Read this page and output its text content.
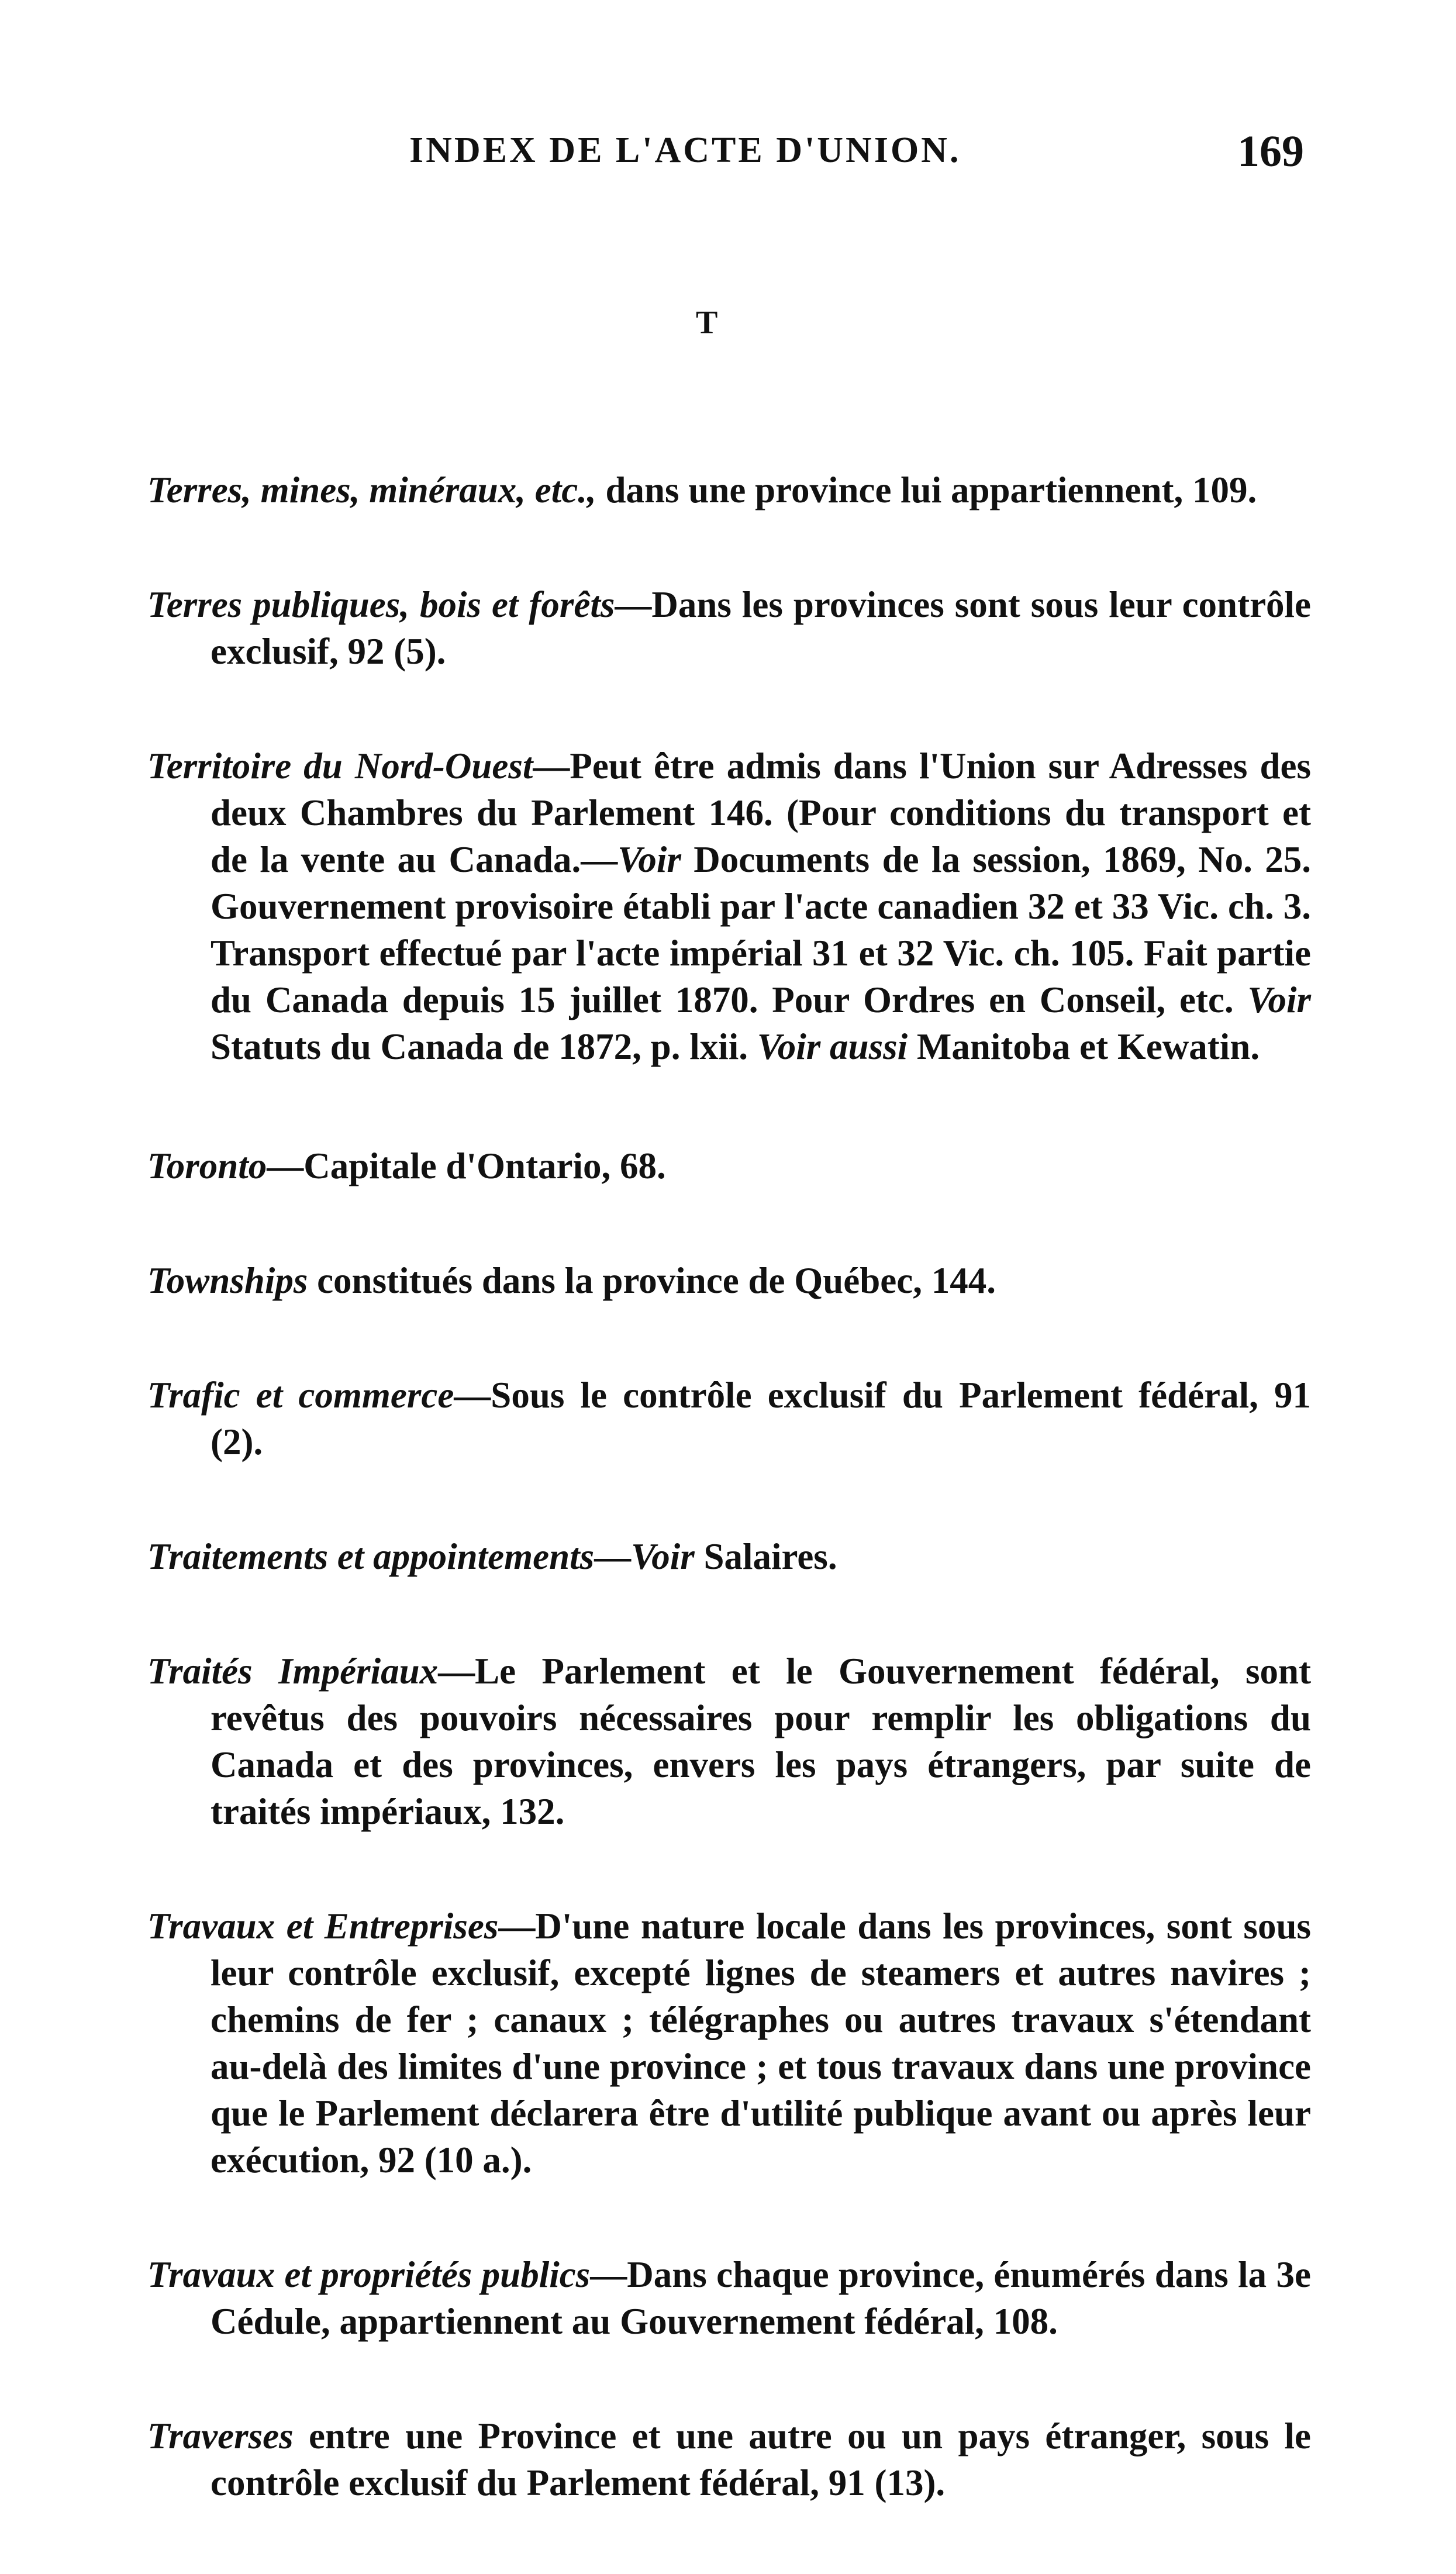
INDEX DE L'ACTE D'UNION.	169
T

Terres, mines, minéraux, etc., dans une province lui appartiennent, 109.

Terres publiques, bois et forêts—Dans les provinces sont sous leur contrôle exclusif, 92 (5).

Territoire du Nord-Ouest—Peut être admis dans l'Union sur Adresses des deux Chambres du Parlement 146. (Pour conditions du transport et de la vente au Canada.—Voir Documents de la session, 1869, No. 25. Gouvernement provisoire établi par l'acte canadien 32 et 33 Vic. ch. 3. Transport effectué par l'acte impérial 31 et 32 Vic. ch. 105. Fait partie du Canada depuis 15 juillet 1870. Pour Ordres en Conseil, etc. Voir Statuts du Canada de 1872, p. lxii. Voir aussi Manitoba et Kewatin.

Toronto—Capitale d'Ontario, 68.

Townships constitués dans la province de Québec, 144.

Trafic et commerce—Sous le contrôle exclusif du Parlement fédéral, 91 (2).

Traitements et appointements—Voir Salaires.

Traités Impériaux—Le Parlement et le Gouvernement fédéral, sont revêtus des pouvoirs nécessaires pour remplir les obligations du Canada et des provinces, envers les pays étrangers, par suite de traités impériaux, 132.

Travaux et Entreprises—D'une nature locale dans les provinces, sont sous leur contrôle exclusif, excepté lignes de steamers et autres navires ; chemins de fer ; canaux ; télégraphes ou autres travaux s'étendant au-delà des limites d'une province ; et tous travaux dans une province que le Parlement déclarera être d'utilité publique avant ou après leur exécution, 92 (10 a.).

Travaux et propriétés publics—Dans chaque province, énumérés dans la 3e Cédule, appartiennent au Gouvernement fédéral, 108.

Traverses entre une Province et une autre ou un pays étranger, sous le contrôle exclusif du Parlement fédéral, 91 (13).
